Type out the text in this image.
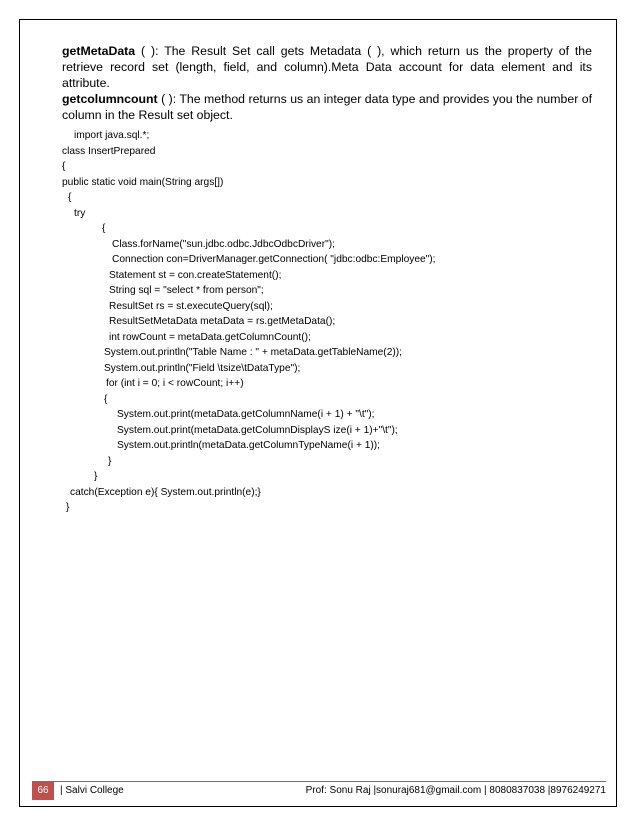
getMetaData ( ): The Result Set call gets Metadata ( ), which return us the property of the retrieve record set (length, field, and column).Meta Data account for data element and its attribute.

getcolumncount ( ): The method returns us an integer data type and provides you the number of column in the Result set object.

import java.sql.*;
class InsertPrepared
{
public static void main(String args[])
{
try
{
Class.forName("sun.jdbc.odbc.JdbcOdbcDriver");
Connection con=DriverManager.getConnection( "jdbc:odbc:Employee");
Statement st = con.createStatement();
String sql = "select * from person";
ResultSet rs = st.executeQuery(sql);
ResultSetMetaData metaData = rs.getMetaData();
int rowCount = metaData.getColumnCount();
System.out.println("Table Name : " + metaData.getTableName(2));
System.out.println("Field \tsize\tDataType");
for (int i = 0; i < rowCount; i++)
{
System.out.print(metaData.getColumnName(i + 1) + "\t");
System.out.print(metaData.getColumnDisplayS ize(i + 1)+"\t");
System.out.println(metaData.getColumnTypeName(i + 1));
}
}
catch(Exception e){ System.out.println(e);}
}
66	| Salvi College	Prof: Sonu Raj |sonuraj681@gmail.com | 8080837038 |8976249271
